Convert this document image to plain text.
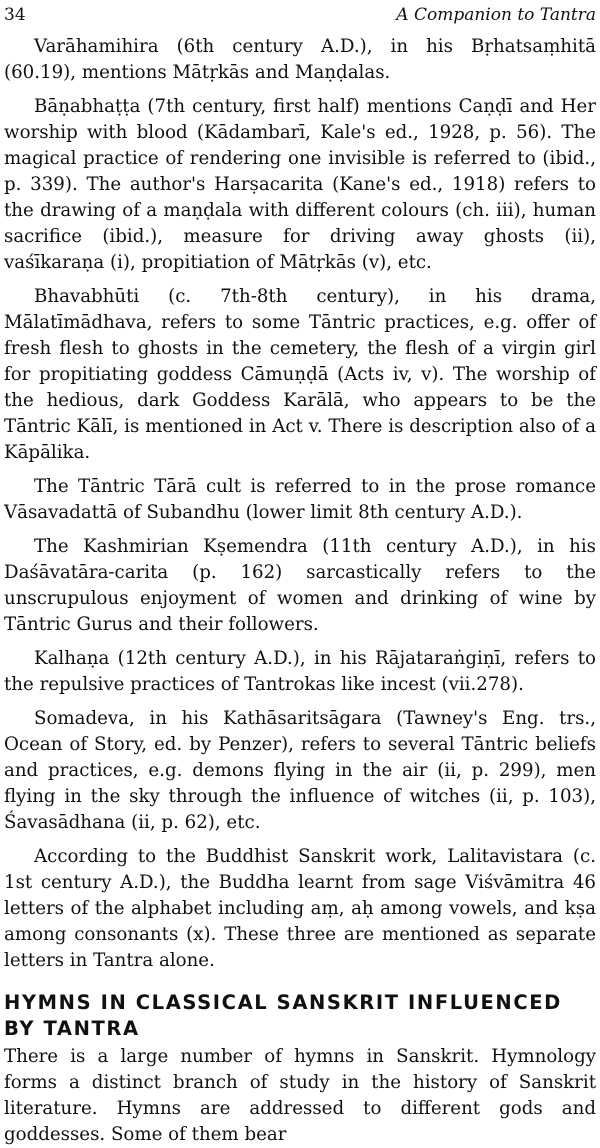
34	A Companion to Tantra

Varāhamihira (6th century A.D.), in his Bṛhatsaṃhitā (60.19), mentions Mātṛkās and Maṇḍalas.

Bāṇabhaṭṭa (7th century, first half) mentions Caṇḍī and Her worship with blood (Kādambarī, Kale's ed., 1928, p. 56). The magical practice of rendering one invisible is referred to (ibid., p. 339). The author's Harṣacarita (Kane's ed., 1918) refers to the drawing of a maṇḍala with different colours (ch. iii), human sacrifice (ibid.), measure for driving away ghosts (ii), vaśīkaraṇa (i), propitiation of Mātṛkās (v), etc.

Bhavabhūti (c. 7th-8th century), in his drama, Mālatīmādhava, refers to some Tāntric practices, e.g. offer of fresh flesh to ghosts in the cemetery, the flesh of a virgin girl for propitiating goddess Cāmuṇḍā (Acts iv, v). The worship of the hedious, dark Goddess Karālā, who appears to be the Tāntric Kālī, is mentioned in Act v. There is description also of a Kāpālika.

The Tāntric Tārā cult is referred to in the prose romance Vāsavadattā of Subandhu (lower limit 8th century A.D.).

The Kashmirian Kṣemendra (11th century A.D.), in his Daśāvatāra-carita (p. 162) sarcastically refers to the unscrupulous enjoyment of women and drinking of wine by Tāntric Gurus and their followers.

Kalhaṇa (12th century A.D.), in his Rājataraṅgiṇī, refers to the repulsive practices of Tantrokas like incest (vii.278).

Somadeva, in his Kathāsaritsāgara (Tawney's Eng. trs., Ocean of Story, ed. by Penzer), refers to several Tāntric beliefs and practices, e.g. demons flying in the air (ii, p. 299), men flying in the sky through the influence of witches (ii, p. 103), Śavasādhana (ii, p. 62), etc.

According to the Buddhist Sanskrit work, Lalitavistara (c. 1st century A.D.), the Buddha learnt from sage Viśvāmitra 46 letters of the alphabet including aṃ, aḥ among vowels, and kṣa among consonants (x). These three are mentioned as separate letters in Tantra alone.

HYMNS IN CLASSICAL SANSKRIT INFLUENCED BY TANTRA

There is a large number of hymns in Sanskrit. Hymnology forms a distinct branch of study in the history of Sanskrit literature. Hymns are addressed to different gods and goddesses. Some of them bear
